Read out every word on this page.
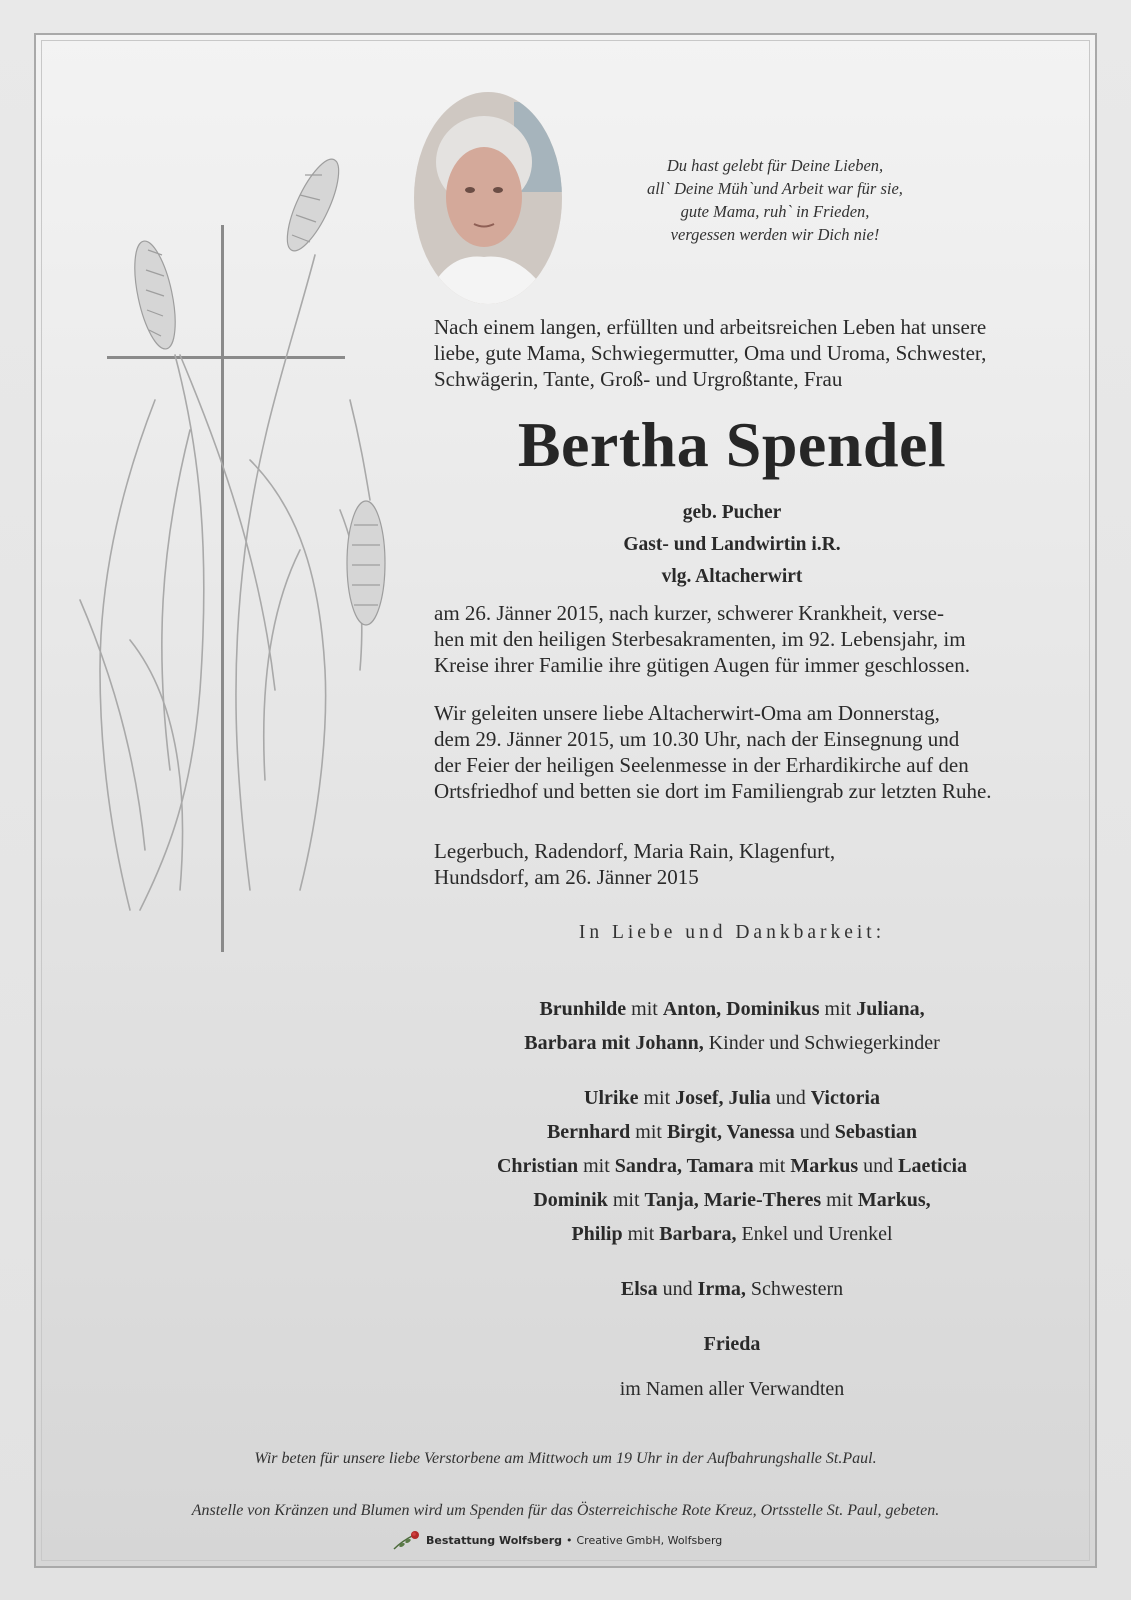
Du hast gelebt für Deine Lieben,
all` Deine Müh`und Arbeit war für sie,
gute Mama, ruh` in Frieden,
vergessen werden wir Dich nie!
Nach einem langen, erfüllten und arbeitsreichen Leben hat unsere
liebe, gute Mama, Schwiegermutter, Oma und Uroma, Schwester,
Schwägerin, Tante, Groß- und Urgroßtante, Frau
Bertha Spendel
geb. Pucher
Gast- und Landwirtin i.R.
vlg. Altacherwirt
am 26. Jänner 2015, nach kurzer, schwerer Krankheit, verse-
hen mit den heiligen Sterbesakramenten, im 92. Lebensjahr, im
Kreise ihrer Familie ihre gütigen Augen für immer geschlossen.
Wir geleiten unsere liebe Altacherwirt-Oma am Donnerstag,
dem 29. Jänner 2015, um 10.30 Uhr, nach der Einsegnung und
der Feier der heiligen Seelenmesse in der Erhardikirche auf den
Ortsfriedhof und betten sie dort im Familiengrab zur letzten Ruhe.
Legerbuch, Radendorf, Maria Rain, Klagenfurt,
Hundsdorf, am 26. Jänner 2015
In Liebe und Dankbarkeit:
Brunhilde mit Anton, Dominikus mit Juliana,
Barbara mit Johann, Kinder und Schwiegerkinder
Ulrike mit Josef, Julia und Victoria
Bernhard mit Birgit, Vanessa und Sebastian
Christian mit Sandra, Tamara mit Markus und Laeticia
Dominik mit Tanja, Marie-Theres mit Markus,
Philip mit Barbara, Enkel und Urenkel
Elsa und Irma, Schwestern
Frieda
im Namen aller Verwandten
Wir beten für unsere liebe Verstorbene am Mittwoch um 19 Uhr in der Aufbahrungshalle St.Paul.
Anstelle von Kränzen und Blumen wird um Spenden für das Österreichische Rote Kreuz, Ortsstelle St. Paul, gebeten.
Bestattung Wolfsberg • Creative GmbH, Wolfsberg
